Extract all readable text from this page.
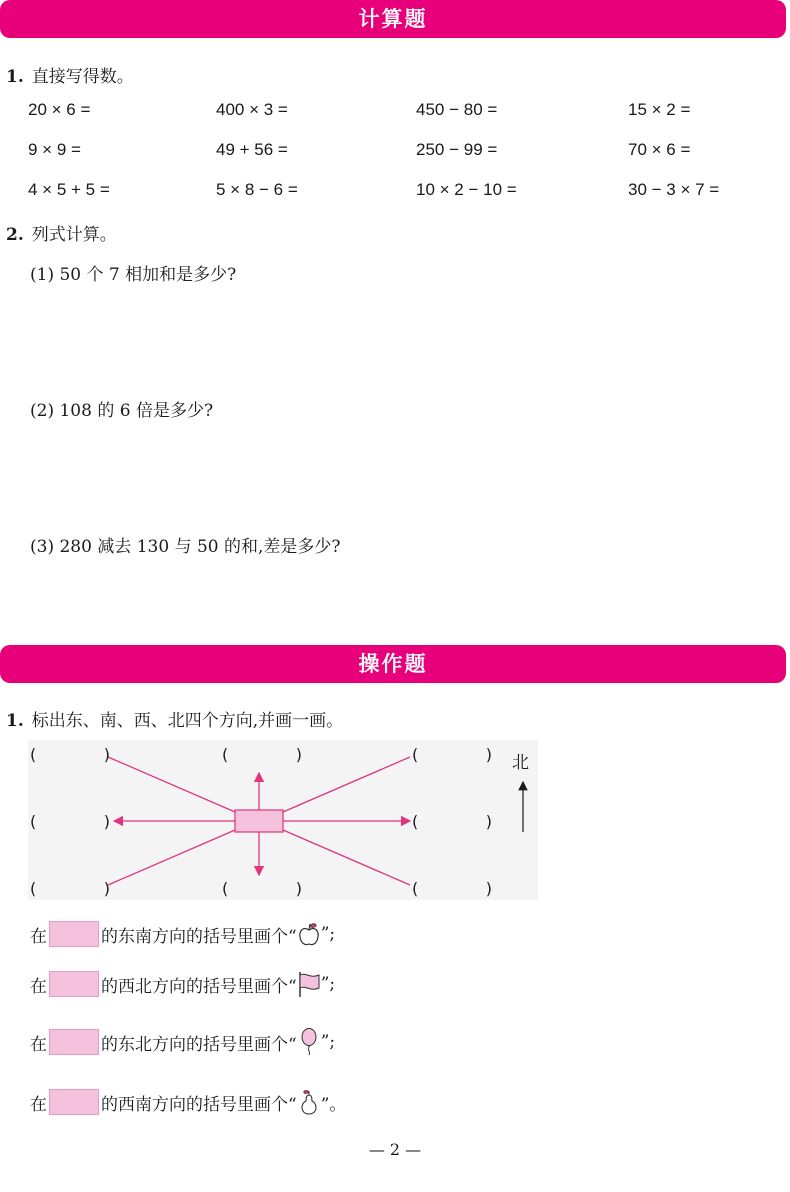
计算题
1. 直接写得数。
20 × 6 =	400 × 3 =	450 − 80 =	15 × 2 =
9 × 9 =	49 + 56 =	250 − 99 =	70 × 6 =
4 × 5 + 5 =	5 × 8 − 6 =	10 × 2 − 10 =	30 − 3 × 7 =
2. 列式计算。
(1) 50 个 7 相加和是多少?
(2) 108 的 6 倍是多少?
(3) 280 减去 130 与 50 的和,差是多少?
操作题
1. 标出东、南、西、北四个方向,并画一画。
(	)	(	)	(	)
(	)	(	)
(	)	(	)	(	)
北
在	的东南方向的括号里画个“ ”;
在	的西北方向的括号里画个“ ”;
在	的东北方向的括号里画个“ ”;
在	的西南方向的括号里画个“ ”。
— 2 —
